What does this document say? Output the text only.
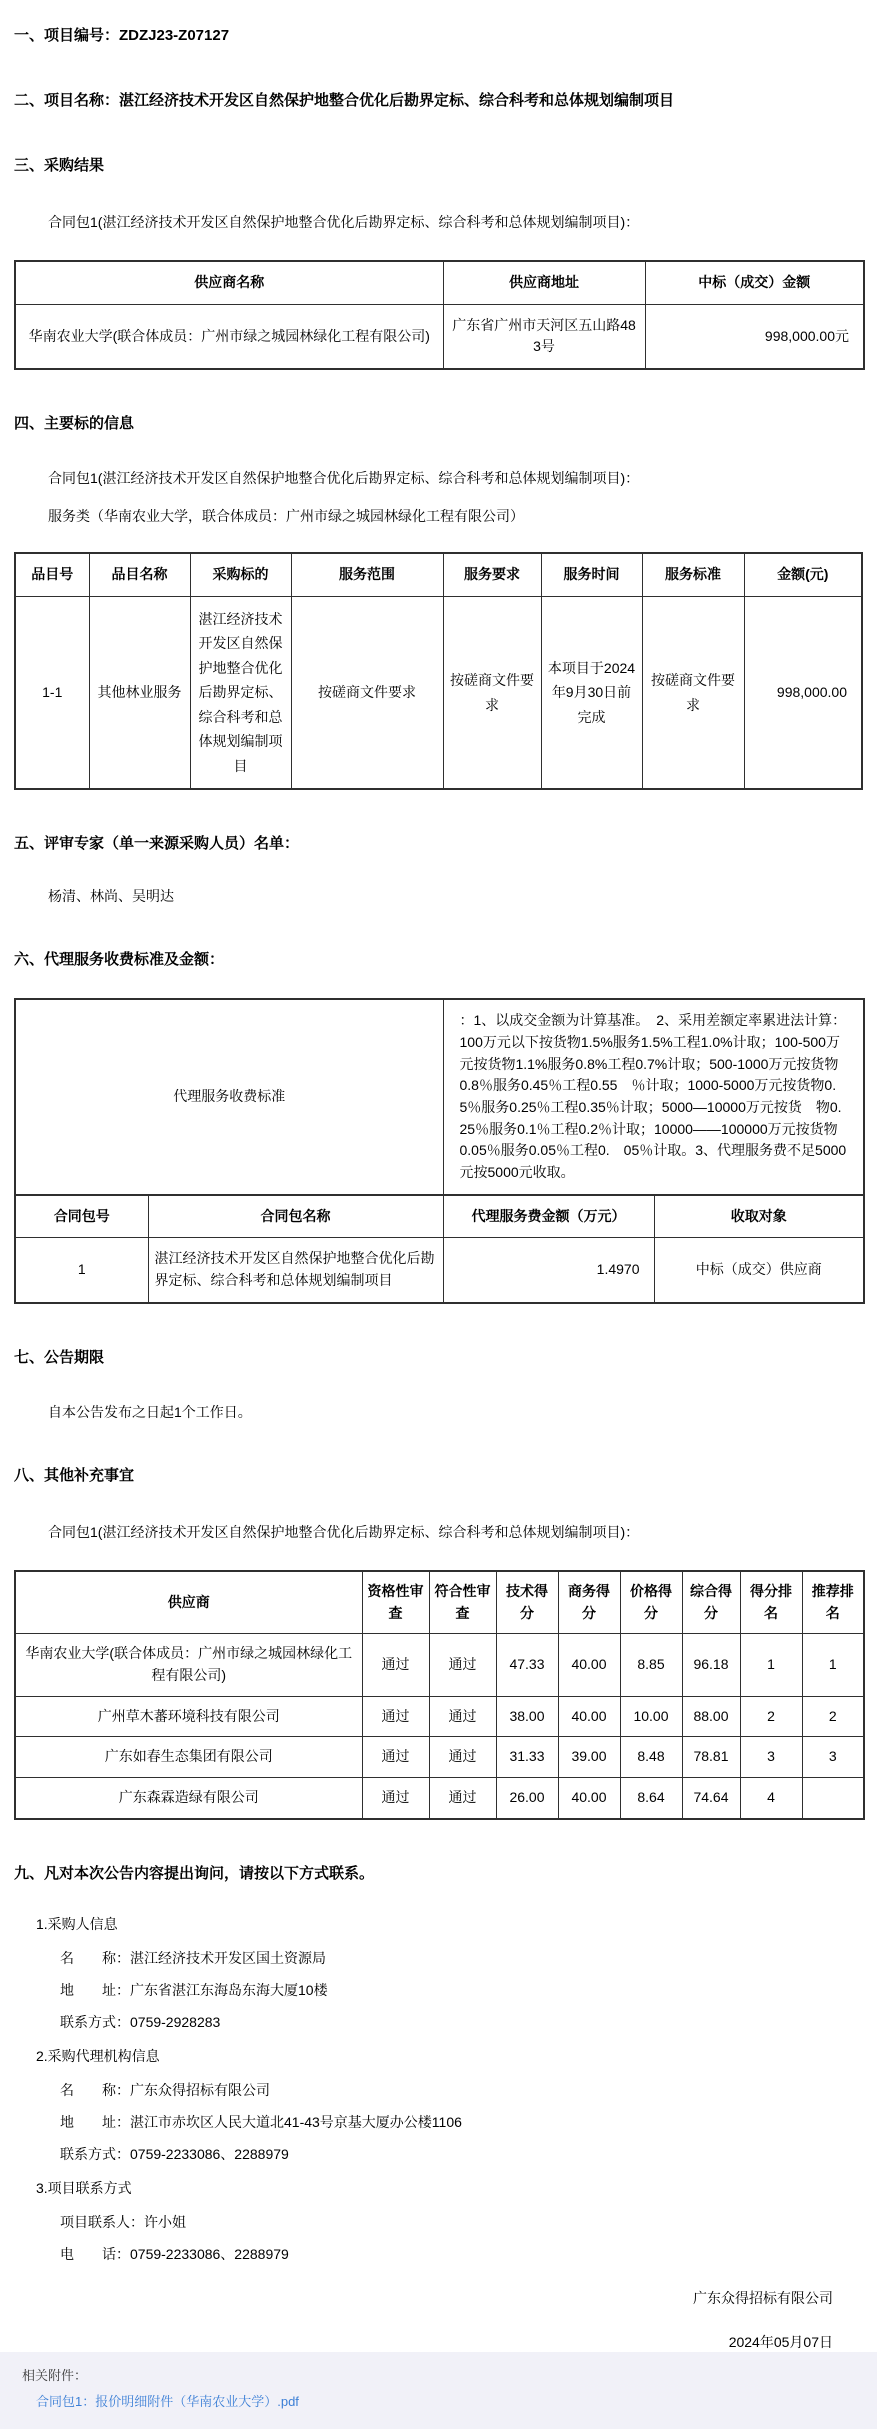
一、项目编号：ZDZJ23-Z07127
二、项目名称：湛江经济技术开发区自然保护地整合优化后勘界定标、综合科考和总体规划编制项目
三、采购结果
合同包1(湛江经济技术开发区自然保护地整合优化后勘界定标、综合科考和总体规划编制项目)：
供应商名称	供应商地址	中标（成交）金额
华南农业大学(联合体成员：广州市绿之城园林绿化工程有限公司)	广东省广州市天河区五山路483号	998,000.00元
四、主要标的信息
合同包1(湛江经济技术开发区自然保护地整合优化后勘界定标、综合科考和总体规划编制项目)：
服务类（华南农业大学，联合体成员：广州市绿之城园林绿化工程有限公司）
品目号	品目名称	采购标的	服务范围	服务要求	服务时间	服务标准	金额(元)
1-1	其他林业服务	湛江经济技术开发区自然保护地整合优化后勘界定标、综合科考和总体规划编制项目	按磋商文件要求	按磋商文件要求	本项目于2024年9月30日前完成	按磋商文件要求	998,000.00
五、评审专家（单一来源采购人员）名单：
杨清、林尚、吴明达
六、代理服务收费标准及金额：
代理服务收费标准	：1、以成交金额为计算基准。　2、采用差额定率累进法计算：100万元以下按货物1.5%服务1.5%工程1.0%计取；100-500万元按货物1.1%服务0.8%工程0.7%计取；500-1000万元按货物0.8％服务0.45％工程0.55　％计取；1000-5000万元按货物0.5％服务0.25％工程0.35％计取；5000—10000万元按货　物0.25％服务0.1％工程0.2％计取；10000——100000万元按货物0.05％服务0.05％工程0.　05％计取。3、代理服务费不足5000元按5000元收取。
合同包号	合同包名称	代理服务费金额（万元）	收取对象
1	湛江经济技术开发区自然保护地整合优化后勘界定标、综合科考和总体规划编制项目	1.4970	中标（成交）供应商
七、公告期限
自本公告发布之日起1个工作日。
八、其他补充事宜
合同包1(湛江经济技术开发区自然保护地整合优化后勘界定标、综合科考和总体规划编制项目)：
供应商	资格性审查	符合性审查	技术得分	商务得分	价格得分	综合得分	得分排名	推荐排名
华南农业大学(联合体成员：广州市绿之城园林绿化工程有限公司)	通过	通过	47.33	40.00	8.85	96.18	1	1
广州草木蕃环境科技有限公司	通过	通过	38.00	40.00	10.00	88.00	2	2
广东如春生态集团有限公司	通过	通过	31.33	39.00	8.48	78.81	3	3
广东森霖造绿有限公司	通过	通过	26.00	40.00	8.64	74.64	4	
九、凡对本次公告内容提出询问，请按以下方式联系。
1.采购人信息
名　　称：湛江经济技术开发区国土资源局
地　　址：广东省湛江东海岛东海大厦10楼
联系方式：0759-2928283
2.采购代理机构信息
名　　称：广东众得招标有限公司
地　　址：湛江市赤坎区人民大道北41-43号京基大厦办公楼1106
联系方式：0759-2233086、2288979
3.项目联系方式
项目联系人：许小姐
电　　话：0759-2233086、2288979
广东众得招标有限公司
2024年05月07日
相关附件：
合同包1：报价明细附件（华南农业大学）.pdf
